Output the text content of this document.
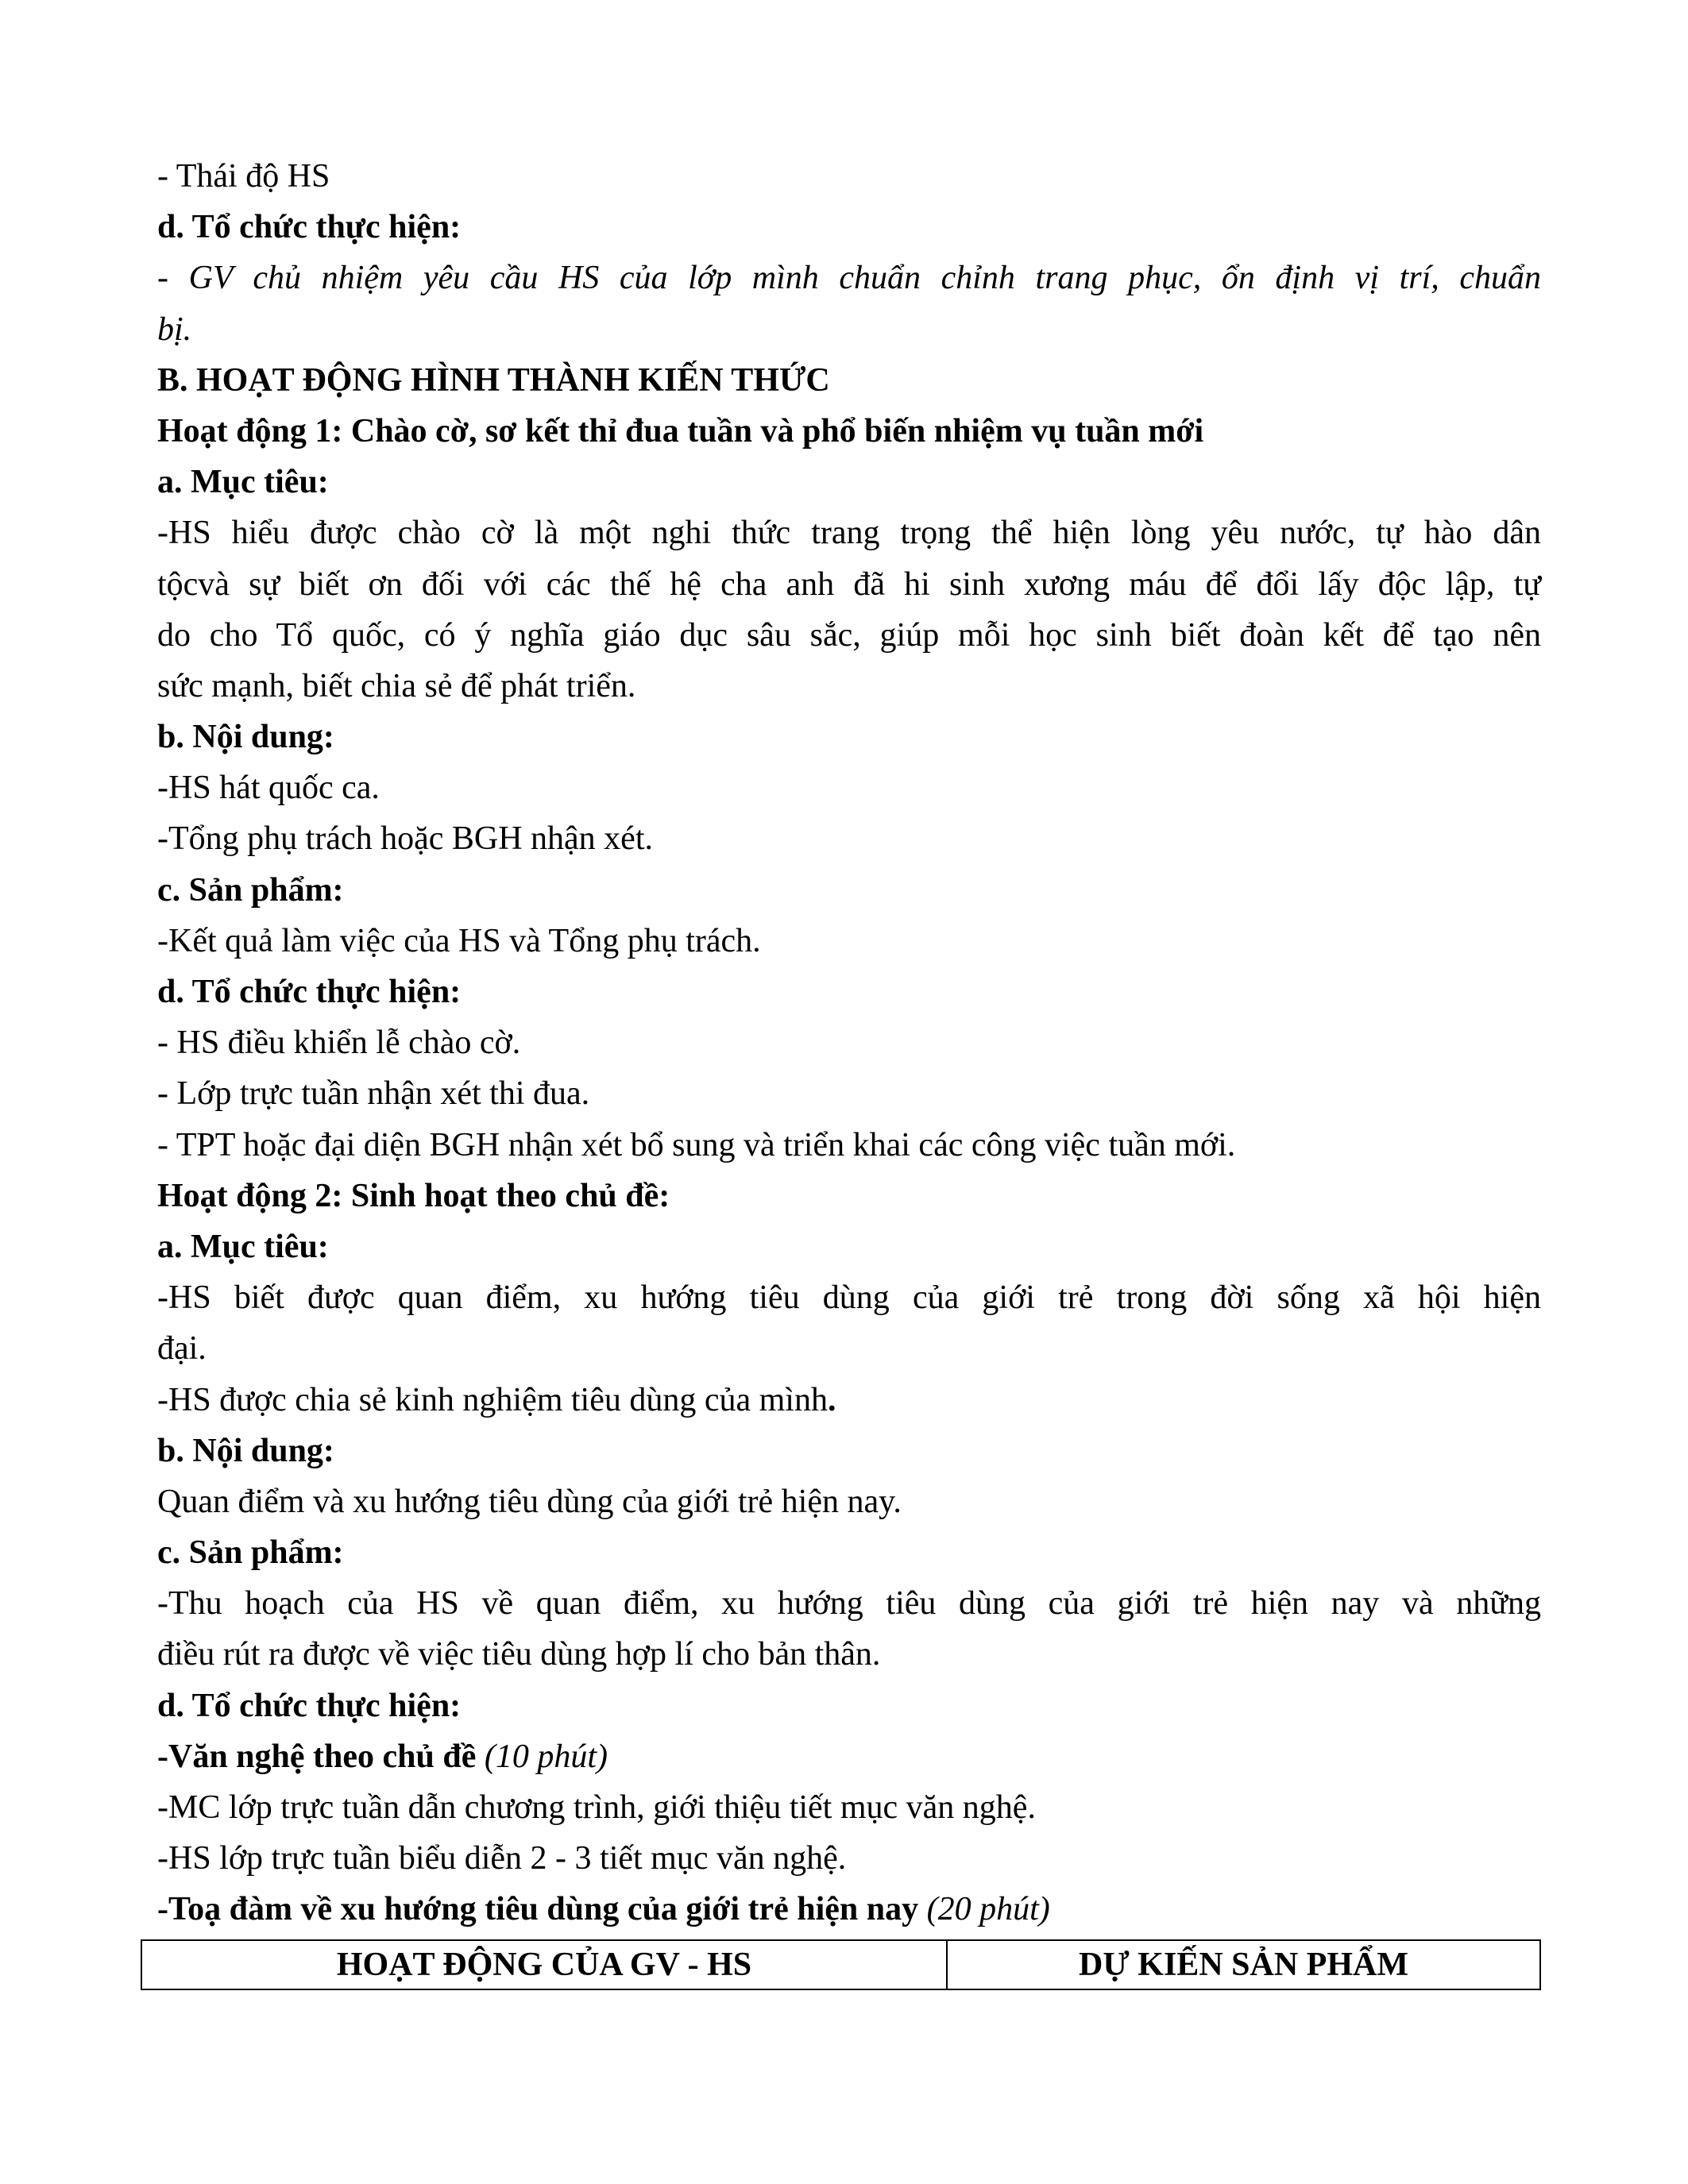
- Thái độ HS
d. Tổ chức thực hiện:
- GV chủ nhiệm yêu cầu HS của lớp mình chuẩn chỉnh trang phục, ổn định vị trí, chuẩn
bị.
B. HOẠT ĐỘNG HÌNH THÀNH KIẾN THỨC
Hoạt động 1: Chào cờ, sơ kết thỉ đua tuần và phổ biến nhiệm vụ tuần mới
a. Mục tiêu:
-HS hiểu được chào cờ là một nghi thức trang trọng thể hiện lòng yêu nước, tự hào dân
tộcvà sự biết ơn đối với các thế hệ cha anh đã hi sinh xương máu để đổi lấy độc lập, tự
do cho Tổ quốc, có ý nghĩa giáo dục sâu sắc, giúp mỗi học sinh biết đoàn kết để tạo nên
sức mạnh, biết chia sẻ để phát triển.
b. Nội dung:
-HS hát quốc ca.
-Tổng phụ trách hoặc BGH nhận xét.
c. Sản phẩm:
-Kết quả làm việc của HS và Tổng phụ trách.
d. Tổ chức thực hiện:
- HS điều khiển lễ chào cờ.
- Lớp trực tuần nhận xét thi đua.
- TPT hoặc đại diện BGH nhận xét bổ sung và triển khai các công việc tuần mới.
Hoạt động 2: Sinh hoạt theo chủ đề:
a. Mục tiêu:
-HS biết được quan điểm, xu hướng tiêu dùng của giới trẻ trong đời sống xã hội hiện
đại.
-HS được chia sẻ kinh nghiệm tiêu dùng của mình.
b. Nội dung:
Quan điểm và xu hướng tiêu dùng của giới trẻ hiện nay.
c. Sản phẩm:
-Thu hoạch của HS về quan điểm, xu hướng tiêu dùng của giới trẻ hiện nay và những
điều rút ra được về việc tiêu dùng hợp lí cho bản thân.
d. Tổ chức thực hiện:
-Văn nghệ theo chủ đề (10 phút)
-MC lớp trực tuần dẫn chương trình, giới thiệu tiết mục văn nghệ.
-HS lớp trực tuần biểu diễn 2 - 3 tiết mục văn nghệ.
-Toạ đàm về xu hướng tiêu dùng của giới trẻ hiện nay (20 phút)
HOẠT ĐỘNG CỦA GV - HS	DỰ KIẾN SẢN PHẨM
